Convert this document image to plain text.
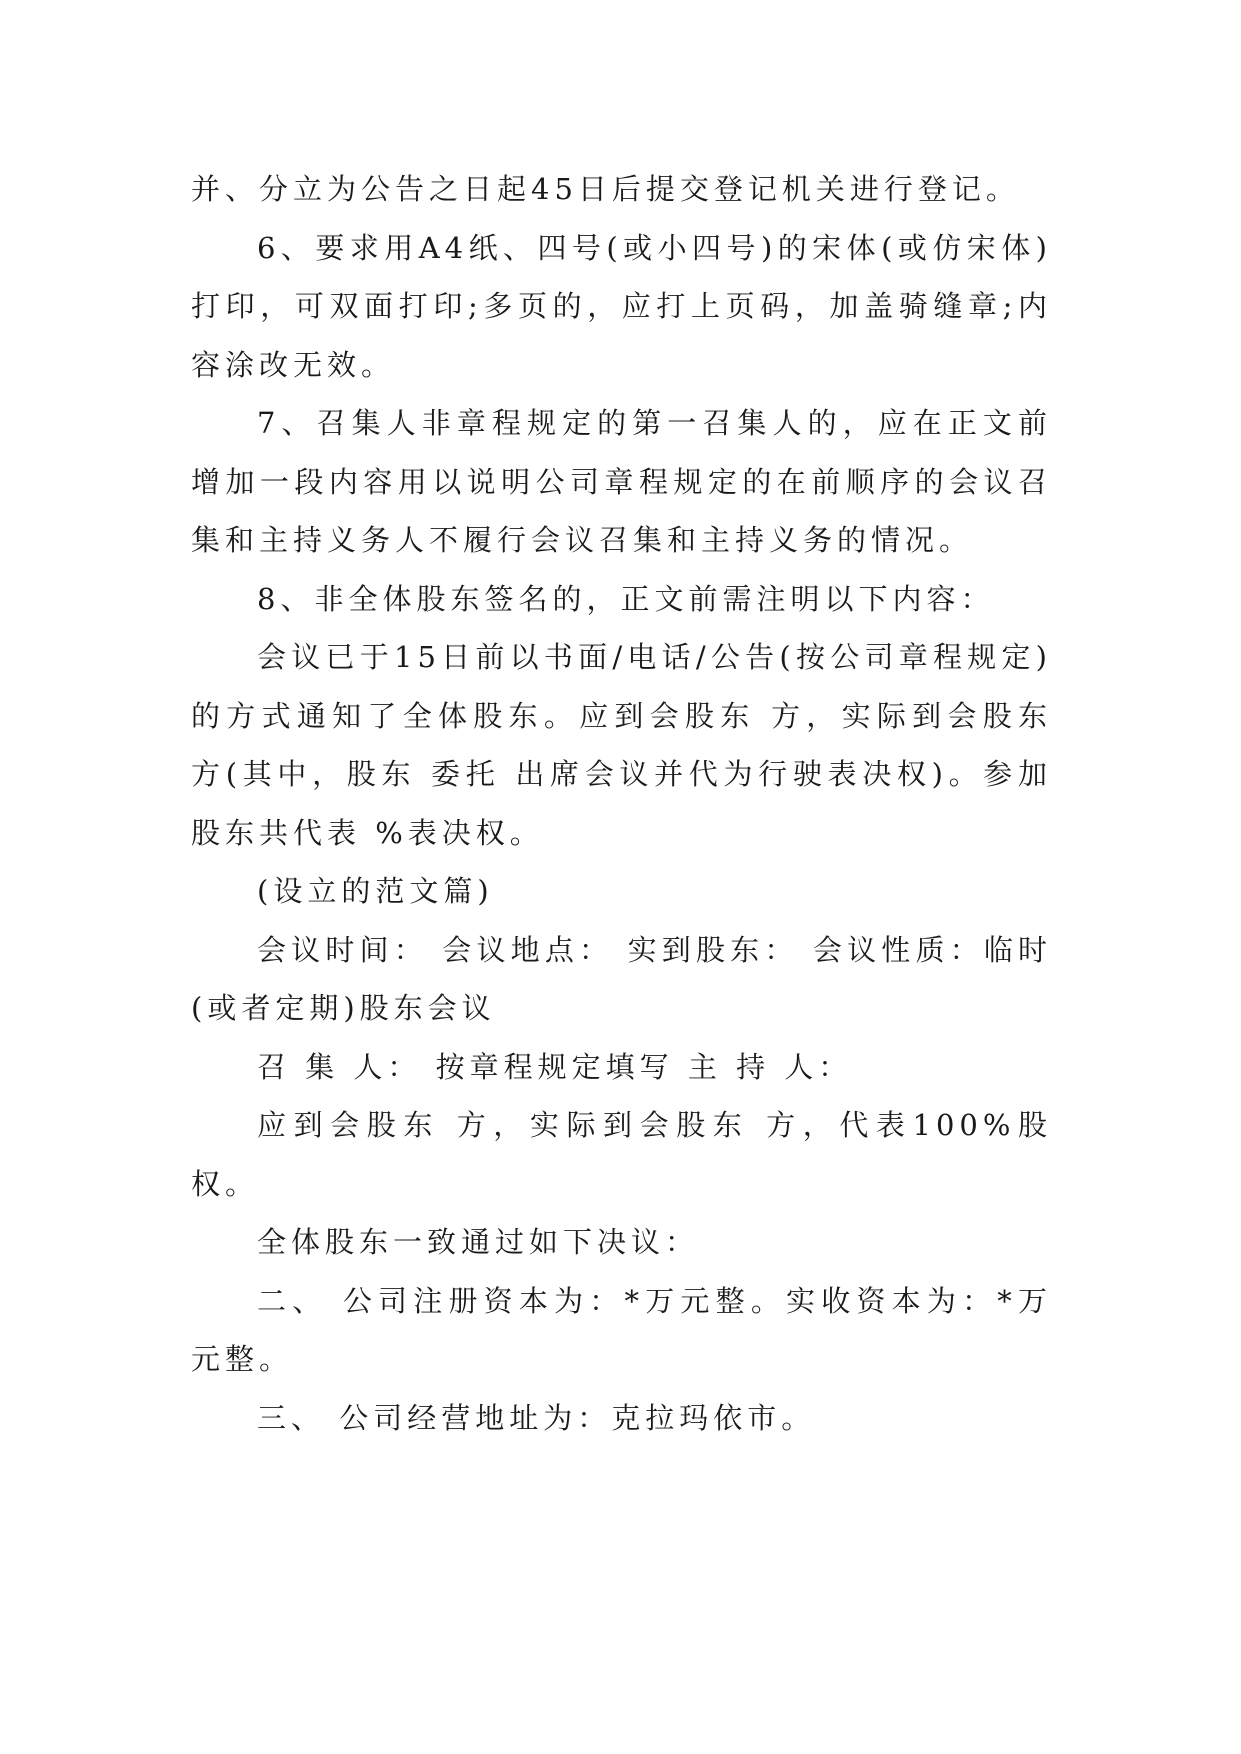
并、分立为公告之日起45日后提交登记机关进行登记。

6、要求用A4纸、四号(或小四号)的宋体(或仿宋体)打印，可双面打印;多页的，应打上页码，加盖骑缝章;内容涂改无效。

7、召集人非章程规定的第一召集人的，应在正文前增加一段内容用以说明公司章程规定的在前顺序的会议召集和主持义务人不履行会议召集和主持义务的情况。

8、非全体股东签名的，正文前需注明以下内容：

会议已于15日前以书面/电话/公告(按公司章程规定)的方式通知了全体股东。应到会股东 方，实际到会股东 方(其中，股东 委托 出席会议并代为行驶表决权)。参加股东共代表 %表决权。

(设立的范文篇)

会议时间： 会议地点： 实到股东： 会议性质：临时(或者定期)股东会议

召 集 人： 按章程规定填写 主 持 人：

应到会股东 方，实际到会股东 方，代表100%股权。

全体股东一致通过如下决议：

二、 公司注册资本为：*万元整。实收资本为：*万元整。

三、 公司经营地址为：克拉玛依市。
